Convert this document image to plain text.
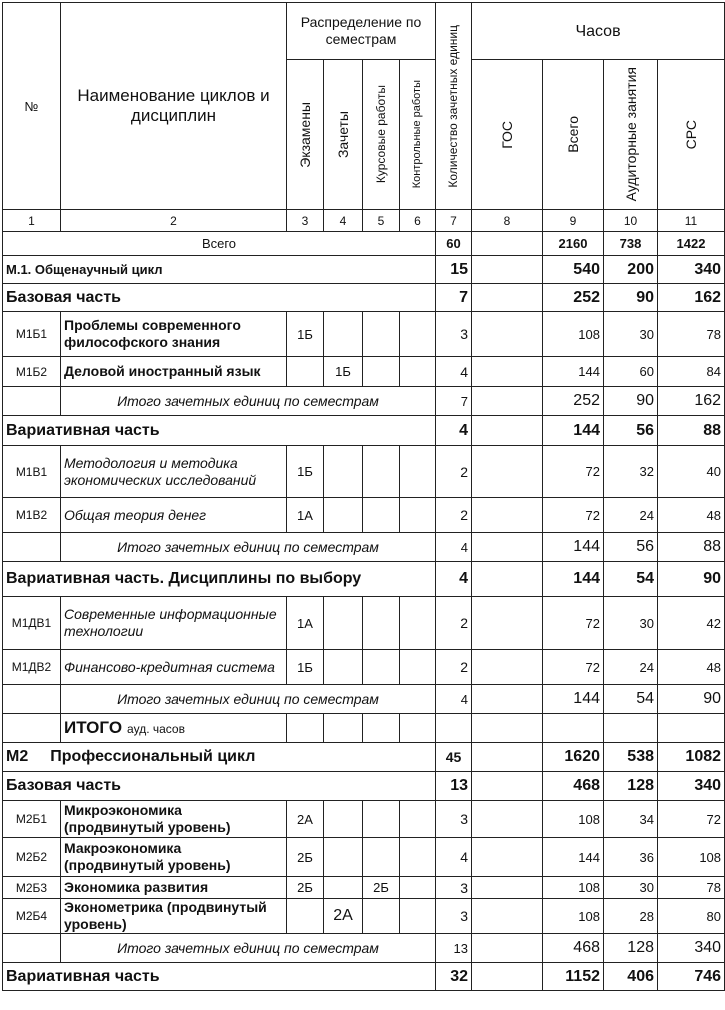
№	Наименование циклов и дисциплин	Распределение по семестрам				Количество зачетных единиц	Часов			

		Экзамены	Зачеты	Курсовые работы	Контрольные работы		ГОС	Всего	Аудиторные занятия	СРС

1	2	3	4	5	6	7	8	9	10	11
Всего						60		2160	738	1422
М.1. Общенаучный цикл						15		540	200	340
Базовая часть						7		252	90	162
М1Б1	Проблемы современного философского знания	1Б				3		108	30	78
М1Б2	Деловой иностранный язык		1Б			4		144	60	84
	Итого зачетных единиц по семестрам					7		252	90	162
Вариативная часть						4		144	56	88
М1В1	Методология и методика экономических исследований	1Б				2		72	32	40
М1В2	Общая теория денег	1А				2		72	24	48
	Итого зачетных единиц по семестрам					4		144	56	88
Вариативная часть. Дисциплины по выбору						4		144	54	90
М1ДВ1	Современные информационные технологии	1А				2		72	30	42
М1ДВ2	Финансово-кредитная система	1Б				2		72	24	48
	Итого зачетных единиц по семестрам					4		144	54	90
	ИТОГО ауд. часов									
М2 Профессиональный цикл						45		1620	538	1082
Базовая часть						13		468	128	340
М2Б1	Микроэкономика (продвинутый уровень)	2А				3		108	34	72
М2Б2	Макроэкономика (продвинутый уровень)	2Б				4		144	36	108
М2Б3	Экономика развития	2Б		2Б		3		108	30	78
М2Б4	Эконометрика (продвинутый уровень)		2А			3		108	28	80
	Итого зачетных единиц по семестрам					13		468	128	340
Вариативная часть						32		1152	406	746
